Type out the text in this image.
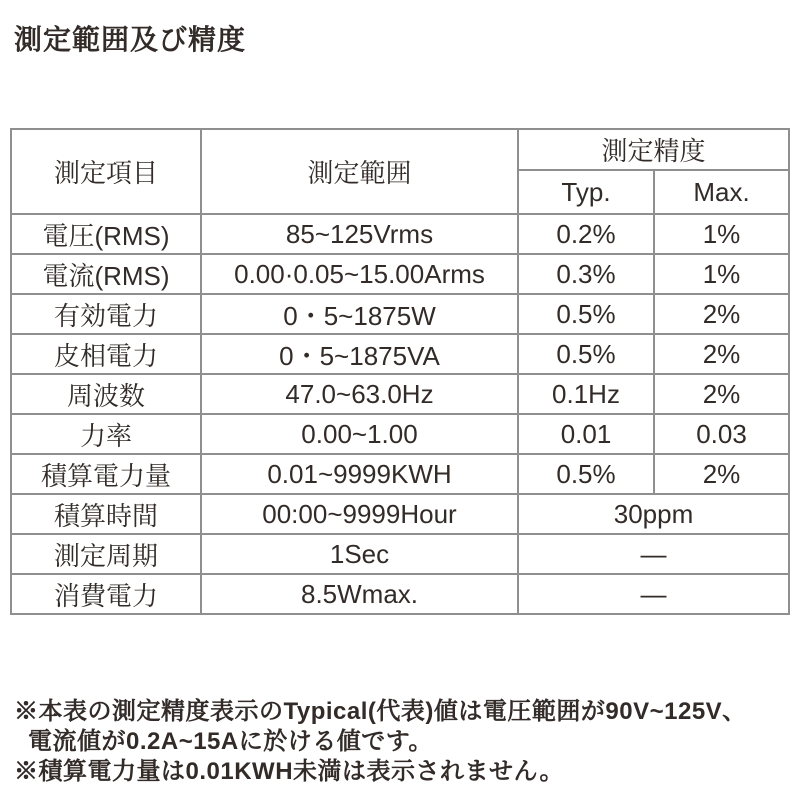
測定範囲及び精度
測定項目	測定範囲	測定精度	
		Typ.	Max.
電圧(RMS)	85~125Vrms	0.2%	1%
電流(RMS)	0.00·0.05~15.00Arms	0.3%	1%
有効電力	0・5~1875W	0.5%	2%
皮相電力	0・5~1875VA	0.5%	2%
周波数	47.0~63.0Hz	0.1Hz	2%
力率	0.00~1.00	0.01	0.03
積算電力量	0.01~9999KWH	0.5%	2%
積算時間	00:00~9999Hour	30ppm	
測定周期	1Sec	—	
消費電力	8.5Wmax.	—	
※本表の測定精度表示のTypical(代表)値は電圧範囲が90V~125V、
電流値が0.2A~15Aに於ける値です。
※積算電力量は0.01KWH未満は表示されません。
